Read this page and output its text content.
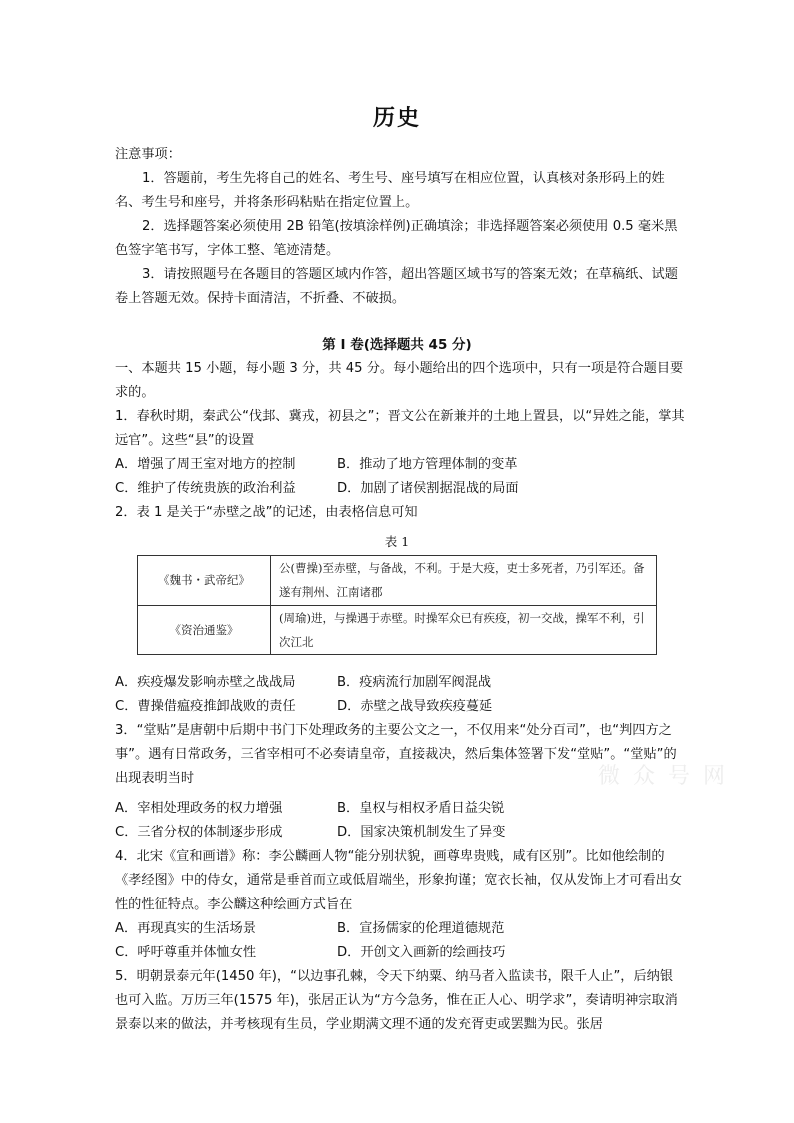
历史
注意事项：
1．答题前，考生先将自己的姓名、考生号、座号填写在相应位置，认真核对条形码上的姓名、考生号和座号，并将条形码粘贴在指定位置上。
2．选择题答案必须使用 2B 铅笔(按填涂样例)正确填涂；非选择题答案必须使用 0.5 毫米黑色签字笔书写，字体工整、笔迹清楚。
3．请按照题号在各题目的答题区域内作答，超出答题区域书写的答案无效；在草稿纸、试题卷上答题无效。保持卡面清洁，不折叠、不破损。
第 Ⅰ 卷(选择题共 45 分)
一、本题共 15 小题，每小题 3 分，共 45 分。每小题给出的四个选项中，只有一项是符合题目要求的。
1．春秋时期，秦武公“伐邽、冀戎，初县之”；晋文公在新兼并的土地上置县，以“异姓之能，掌其远官”。这些“县”的设置
A．增强了周王室对地方的控制	B．推动了地方管理体制的变革
C．维护了传统贵族的政治利益	D．加剧了诸侯割据混战的局面
2．表 1 是关于“赤壁之战”的记述，由表格信息可知
表 1
《魏书・武帝纪》	公(曹操)至赤壁，与备战，不利。于是大疫，吏士多死者，乃引军还。备遂有荆州、江南诸郡
《资治通鉴》	(周瑜)进，与操遇于赤壁。时操军众已有疾疫，初一交战，操军不利，引次江北
A．疾疫爆发影响赤壁之战战局	B．疫病流行加剧军阀混战
C．曹操借瘟疫推卸战败的责任	D．赤壁之战导致疾疫蔓延
3．“堂贴”是唐朝中后期中书门下处理政务的主要公文之一，不仅用来“处分百司”，也“判四方之事”。遇有日常政务，三省宰相可不必奏请皇帝，直接裁决，然后集体签署下发“堂贴”。“堂贴”的出现表明当时
A．宰相处理政务的权力增强	B．皇权与相权矛盾日益尖锐
C．三省分权的体制逐步形成	D．国家决策机制发生了异变
4．北宋《宣和画谱》称：李公麟画人物“能分别状貌，画尊卑贵贱，咸有区别”。比如他绘制的《孝经图》中的侍女，通常是垂首而立或低眉端坐，形象拘谨；宽衣长袖，仅从发饰上才可看出女性的性征特点。李公麟这种绘画方式旨在
A．再现真实的生活场景	B．宣扬儒家的伦理道德规范
C．呼吁尊重并体恤女性	D．开创文入画新的绘画技巧
5．明朝景泰元年(1450 年)，“以边事孔棘，令天下纳粟、纳马者入监读书，限千人止”，后纳银也可入监。万历三年(1575 年)，张居正认为“方今急务，惟在正人心、明学求”，奏请明神宗取消景泰以来的做法，并考核现有生员，学业期满文理不通的发充胥吏或罢黜为民。张居
微 众 号 网
